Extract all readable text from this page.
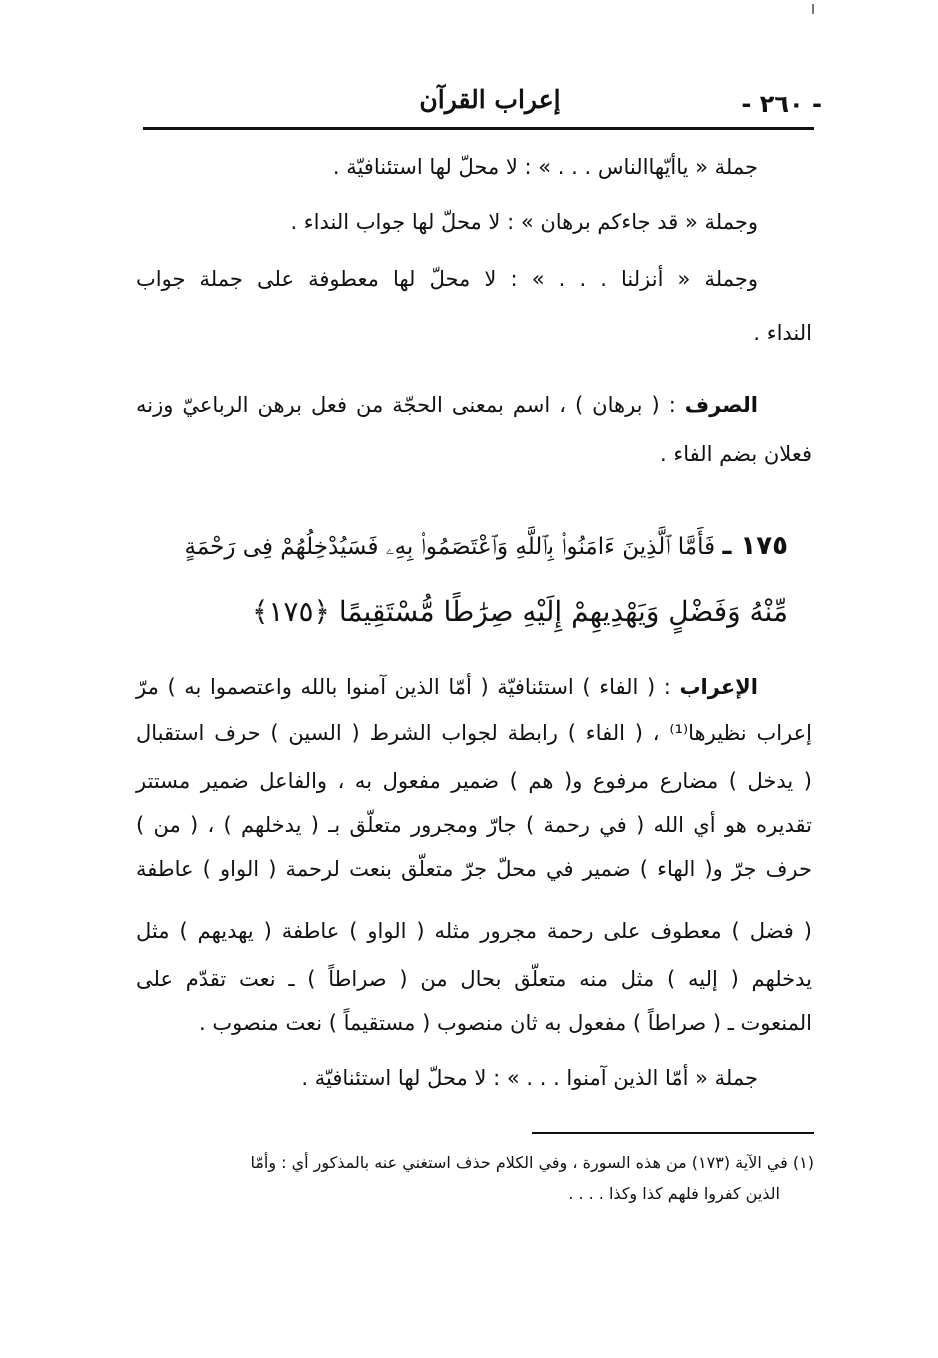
إعراب القرآن	- ٢٦٠ -
جملة « ياأيّهاالناس . . . » : لا محلّ لها استئنافيّة .
وجملة « قد جاءكم برهان » : لا محلّ لها جواب النداء .
وجملة « أنزلنا . . . » : لا محلّ لها معطوفة على جملة جواب
النداء .
الصرف : ( برهان ) ، اسم بمعنى الحجّة من فعل برهن الرباعيّ وزنه
فعلان بضم الفاء .
١٧٥ ـ فَأَمَّا ٱلَّذِينَ ءَامَنُوا۟ بِٱللَّهِ وَٱعْتَصَمُوا۟ بِهِۦ فَسَيُدْخِلُهُمْ فِى رَحْمَةٍ
مِّنْهُ وَفَضْلٍ وَيَهْدِيهِمْ إِلَيْهِ صِرَٰطًا مُّسْتَقِيمًا ﴿١٧٥﴾
الإعراب : ( الفاء ) استئنافيّة ( أمّا الذين آمنوا بالله واعتصموا به ) مرّ
إعراب نظيرها⁽¹⁾ ، ( الفاء ) رابطة لجواب الشرط ( السين ) حرف استقبال
( يدخل ) مضارع مرفوع و( هم ) ضمير مفعول به ، والفاعل ضمير مستتر
تقديره هو أي الله ( في رحمة ) جارّ ومجرور متعلّق بـ ( يدخلهم ) ، ( من )
حرف جرّ و( الهاء ) ضمير في محلّ جرّ متعلّق بنعت لرحمة ( الواو ) عاطفة
( فضل ) معطوف على رحمة مجرور مثله ( الواو ) عاطفة ( يهديهم ) مثل
يدخلهم ( إليه ) مثل منه متعلّق بحال من ( صراطاً ) ـ نعت تقدّم على
المنعوت ـ ( صراطاً ) مفعول به ثان منصوب ( مستقيماً ) نعت منصوب .
جملة « أمّا الذين آمنوا . . . » : لا محلّ لها استئنافيّة .
(١) في الآية (١٧٣) من هذه السورة ، وفي الكلام حذف استغني عنه بالمذكور أي : وأمّا
الذين كفروا فلهم كذا وكذا . . . .
